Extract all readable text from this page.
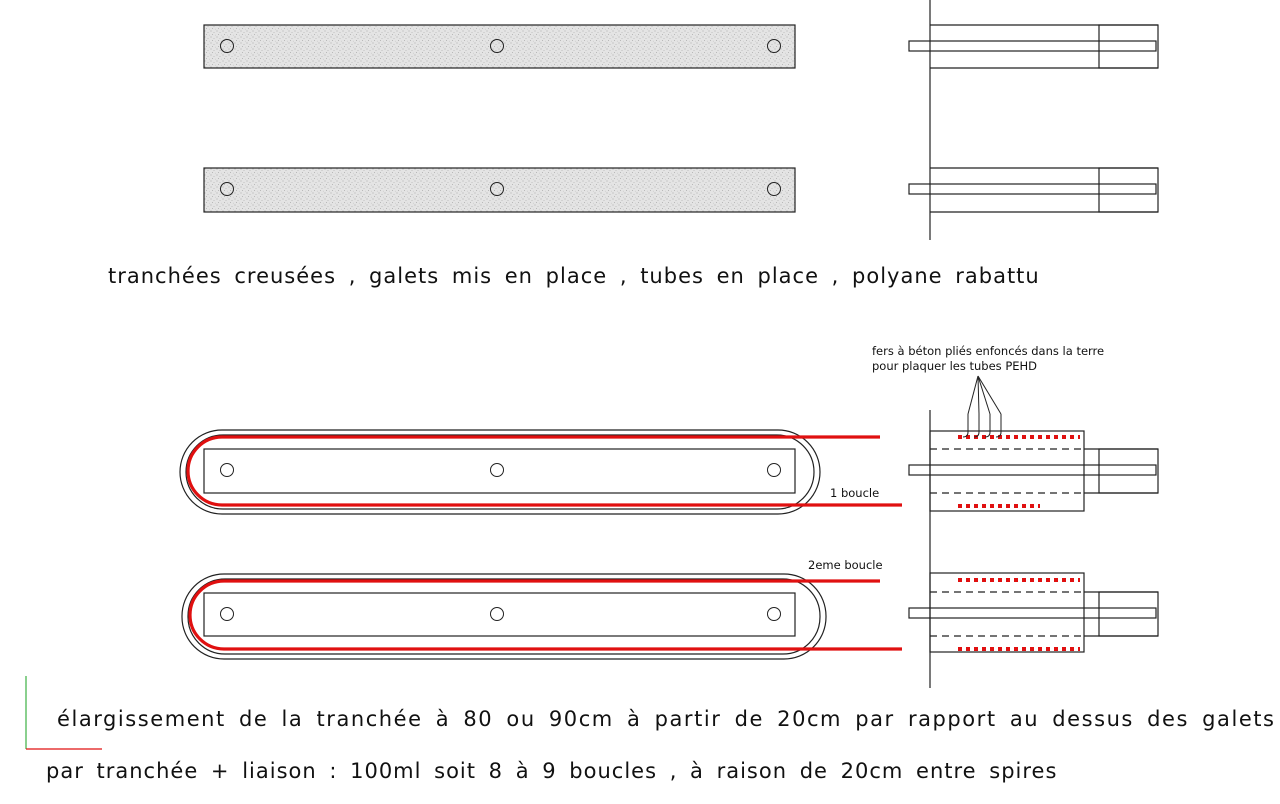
tranchées creusées , galets mis en place , tubes en place , polyane rabattu
1 boucle
2eme boucle
fers à béton pliés enfoncés dans la terre
pour plaquer les tubes PEHD
élargissement de la tranchée à 80 ou 90cm à partir de 20cm par rapport au dessus des galets
par tranchée + liaison : 100ml soit 8 à 9 boucles , à raison de 20cm entre spires
